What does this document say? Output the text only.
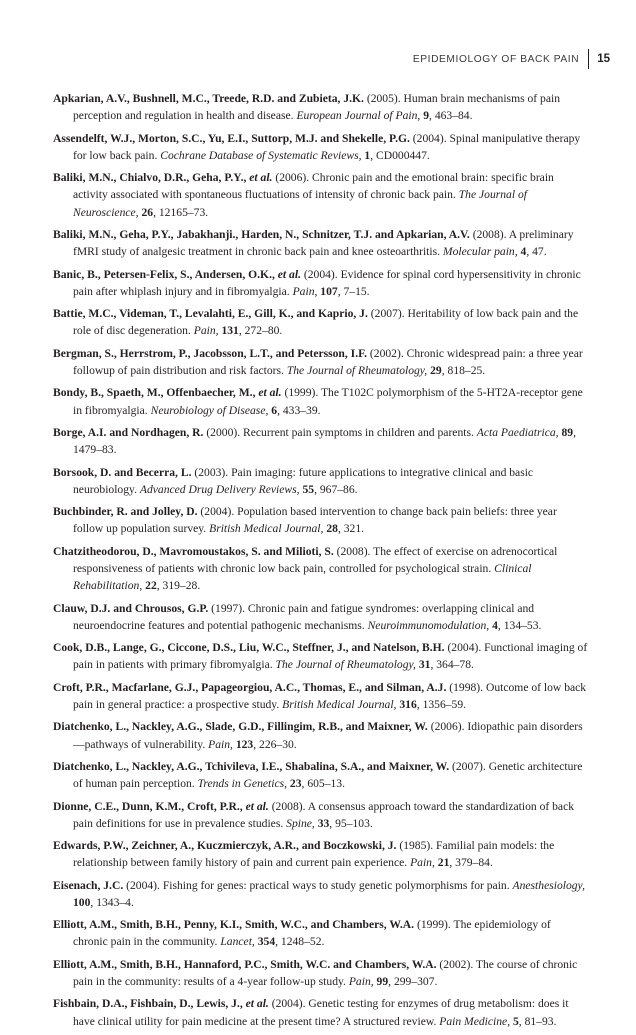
EPIDEMIOLOGY OF BACK PAIN	15
Apkarian, A.V., Bushnell, M.C., Treede, R.D. and Zubieta, J.K. (2005). Human brain mechanisms of pain perception and regulation in health and disease. European Journal of Pain, 9, 463–84.
Assendelft, W.J., Morton, S.C., Yu, E.I., Suttorp, M.J. and Shekelle, P.G. (2004). Spinal manipulative therapy for low back pain. Cochrane Database of Systematic Reviews, 1, CD000447.
Baliki, M.N., Chialvo, D.R., Geha, P.Y., et al. (2006). Chronic pain and the emotional brain: specific brain activity associated with spontaneous fluctuations of intensity of chronic back pain. The Journal of Neuroscience, 26, 12165–73.
Baliki, M.N., Geha, P.Y., Jabakhanji., Harden, N., Schnitzer, T.J. and Apkarian, A.V. (2008). A preliminary fMRI study of analgesic treatment in chronic back pain and knee osteoarthritis. Molecular pain, 4, 47.
Banic, B., Petersen-Felix, S., Andersen, O.K., et al. (2004). Evidence for spinal cord hypersensitivity in chronic pain after whiplash injury and in fibromyalgia. Pain, 107, 7–15.
Battie, M.C., Videman, T., Levalahti, E., Gill, K., and Kaprio, J. (2007). Heritability of low back pain and the role of disc degeneration. Pain, 131, 272–80.
Bergman, S., Herrstrom, P., Jacobsson, L.T., and Petersson, I.F. (2002). Chronic widespread pain: a three year followup of pain distribution and risk factors. The Journal of Rheumatology, 29, 818–25.
Bondy, B., Spaeth, M., Offenbaecher, M., et al. (1999). The T102C polymorphism of the 5-HT2A-receptor gene in fibromyalgia. Neurobiology of Disease, 6, 433–39.
Borge, A.I. and Nordhagen, R. (2000). Recurrent pain symptoms in children and parents. Acta Paediatrica, 89, 1479–83.
Borsook, D. and Becerra, L. (2003). Pain imaging: future applications to integrative clinical and basic neurobiology. Advanced Drug Delivery Reviews, 55, 967–86.
Buchbinder, R. and Jolley, D. (2004). Population based intervention to change back pain beliefs: three year follow up population survey. British Medical Journal, 28, 321.
Chatzitheodorou, D., Mavromoustakos, S. and Milioti, S. (2008). The effect of exercise on adrenocortical responsiveness of patients with chronic low back pain, controlled for psychological strain. Clinical Rehabilitation, 22, 319–28.
Clauw, D.J. and Chrousos, G.P. (1997). Chronic pain and fatigue syndromes: overlapping clinical and neuroendocrine features and potential pathogenic mechanisms. Neuroimmunomodulation, 4, 134–53.
Cook, D.B., Lange, G., Ciccone, D.S., Liu, W.C., Steffner, J., and Natelson, B.H. (2004). Functional imaging of pain in patients with primary fibromyalgia. The Journal of Rheumatology, 31, 364–78.
Croft, P.R., Macfarlane, G.J., Papageorgiou, A.C., Thomas, E., and Silman, A.J. (1998). Outcome of low back pain in general practice: a prospective study. British Medical Journal, 316, 1356–59.
Diatchenko, L., Nackley, A.G., Slade, G.D., Fillingim, R.B., and Maixner, W. (2006). Idiopathic pain disorders—pathways of vulnerability. Pain, 123, 226–30.
Diatchenko, L., Nackley, A.G., Tchivileva, I.E., Shabalina, S.A., and Maixner, W. (2007). Genetic architecture of human pain perception. Trends in Genetics, 23, 605–13.
Dionne, C.E., Dunn, K.M., Croft, P.R., et al. (2008). A consensus approach toward the standardization of back pain definitions for use in prevalence studies. Spine, 33, 95–103.
Edwards, P.W., Zeichner, A., Kuczmierczyk, A.R., and Boczkowski, J. (1985). Familial pain models: the relationship between family history of pain and current pain experience. Pain, 21, 379–84.
Eisenach, J.C. (2004). Fishing for genes: practical ways to study genetic polymorphisms for pain. Anesthesiology, 100, 1343–4.
Elliott, A.M., Smith, B.H., Penny, K.I., Smith, W.C., and Chambers, W.A. (1999). The epidemiology of chronic pain in the community. Lancet, 354, 1248–52.
Elliott, A.M., Smith, B.H., Hannaford, P.C., Smith, W.C. and Chambers, W.A. (2002). The course of chronic pain in the community: results of a 4-year follow-up study. Pain, 99, 299–307.
Fishbain, D.A., Fishbain, D., Lewis, J., et al. (2004). Genetic testing for enzymes of drug metabolism: does it have clinical utility for pain medicine at the present time? A structured review. Pain Medicine, 5, 81–93.
